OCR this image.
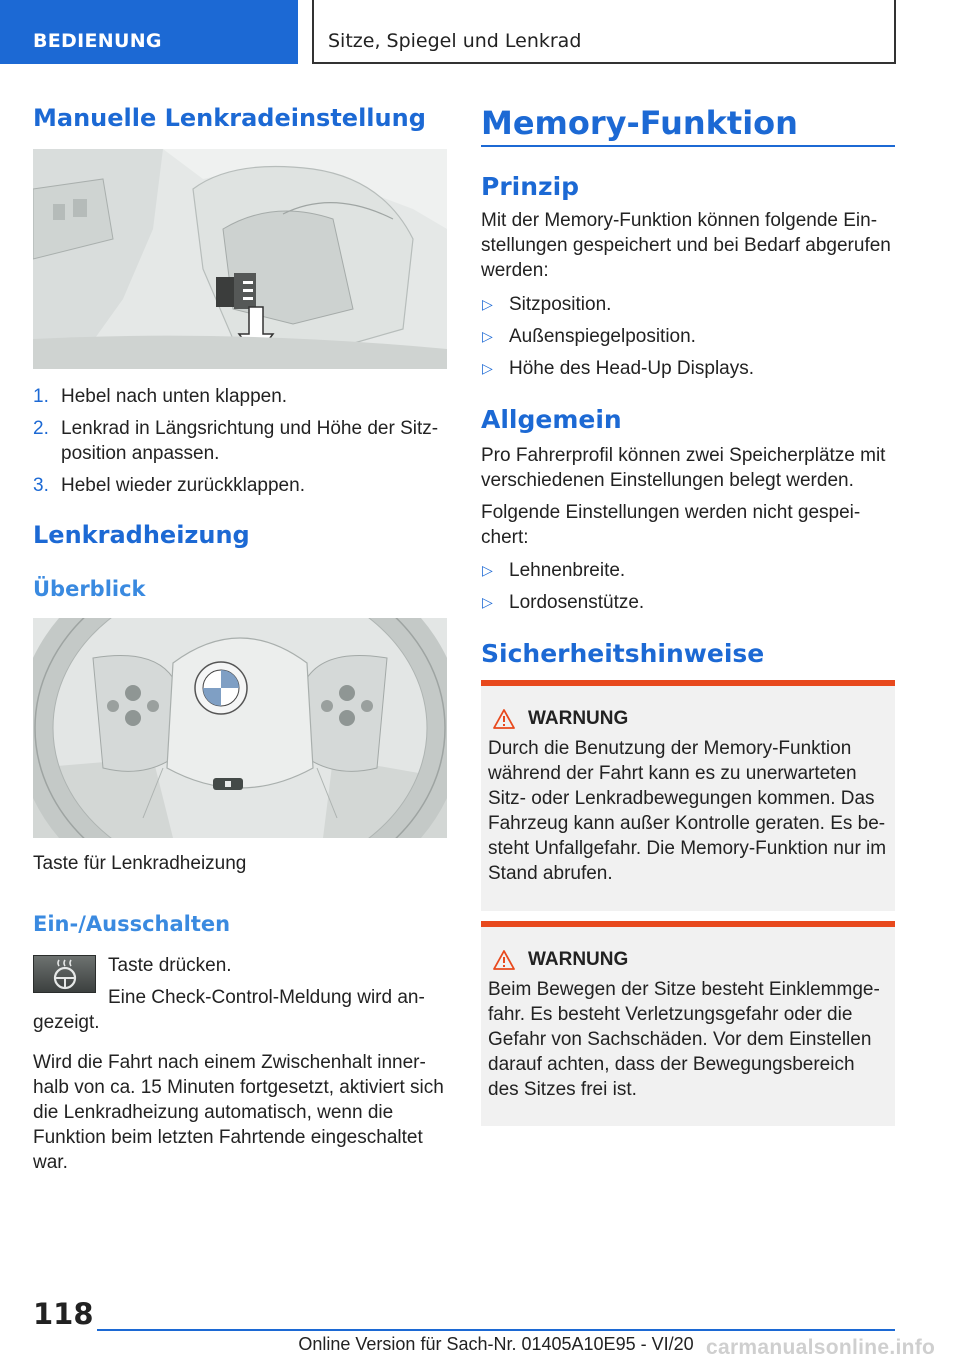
BEDIENUNG	Sitze, Spiegel und Lenkrad
Manuelle Lenkradeinstellung
1. Hebel nach unten klappen.
2. Lenkrad in Längsrichtung und Höhe der Sitz-position anpassen.
3. Hebel wieder zurückklappen.
Lenkradheizung
Überblick

Taste für Lenkradheizung

Ein-/Ausschalten

Taste drücken.

Eine Check-Control-Meldung wird an-gezeigt.

Wird die Fahrt nach einem Zwischenhalt inner-halb von ca. 15 Minuten fortgesetzt, aktiviert sich die Lenkradheizung automatisch, wenn die Funktion beim letzten Fahrtende eingeschaltet war.

Memory-Funktion
Prinzip

Mit der Memory-Funktion können folgende Ein-stellungen gespeichert und bei Bedarf abgerufen werden:

▷ Sitzposition.
▷ Außenspiegelposition.
▷ Höhe des Head-Up Displays.
Allgemein

Pro Fahrerprofil können zwei Speicherplätze mit verschiedenen Einstellungen belegt werden.

Folgende Einstellungen werden nicht gespei-chert:

▷ Lehnenbreite.
▷ Lordosenstütze.
Sicherheitshinweise
WARNUNG

Durch die Benutzung der Memory-Funktion während der Fahrt kann es zu unerwarteten Sitz- oder Lenkradbewegungen kommen. Das Fahrzeug kann außer Kontrolle geraten. Es be-steht Unfallgefahr. Die Memory-Funktion nur im Stand abrufen.

WARNUNG

Beim Bewegen der Sitze besteht Einklemmge-fahr. Es besteht Verletzungsgefahr oder die Gefahr von Sachschäden. Vor dem Einstellen darauf achten, dass der Bewegungsbereich des Sitzes frei ist.

118
Online Version für Sach-Nr. 01405A10E95 - VI/20 carmanualsonline.info
